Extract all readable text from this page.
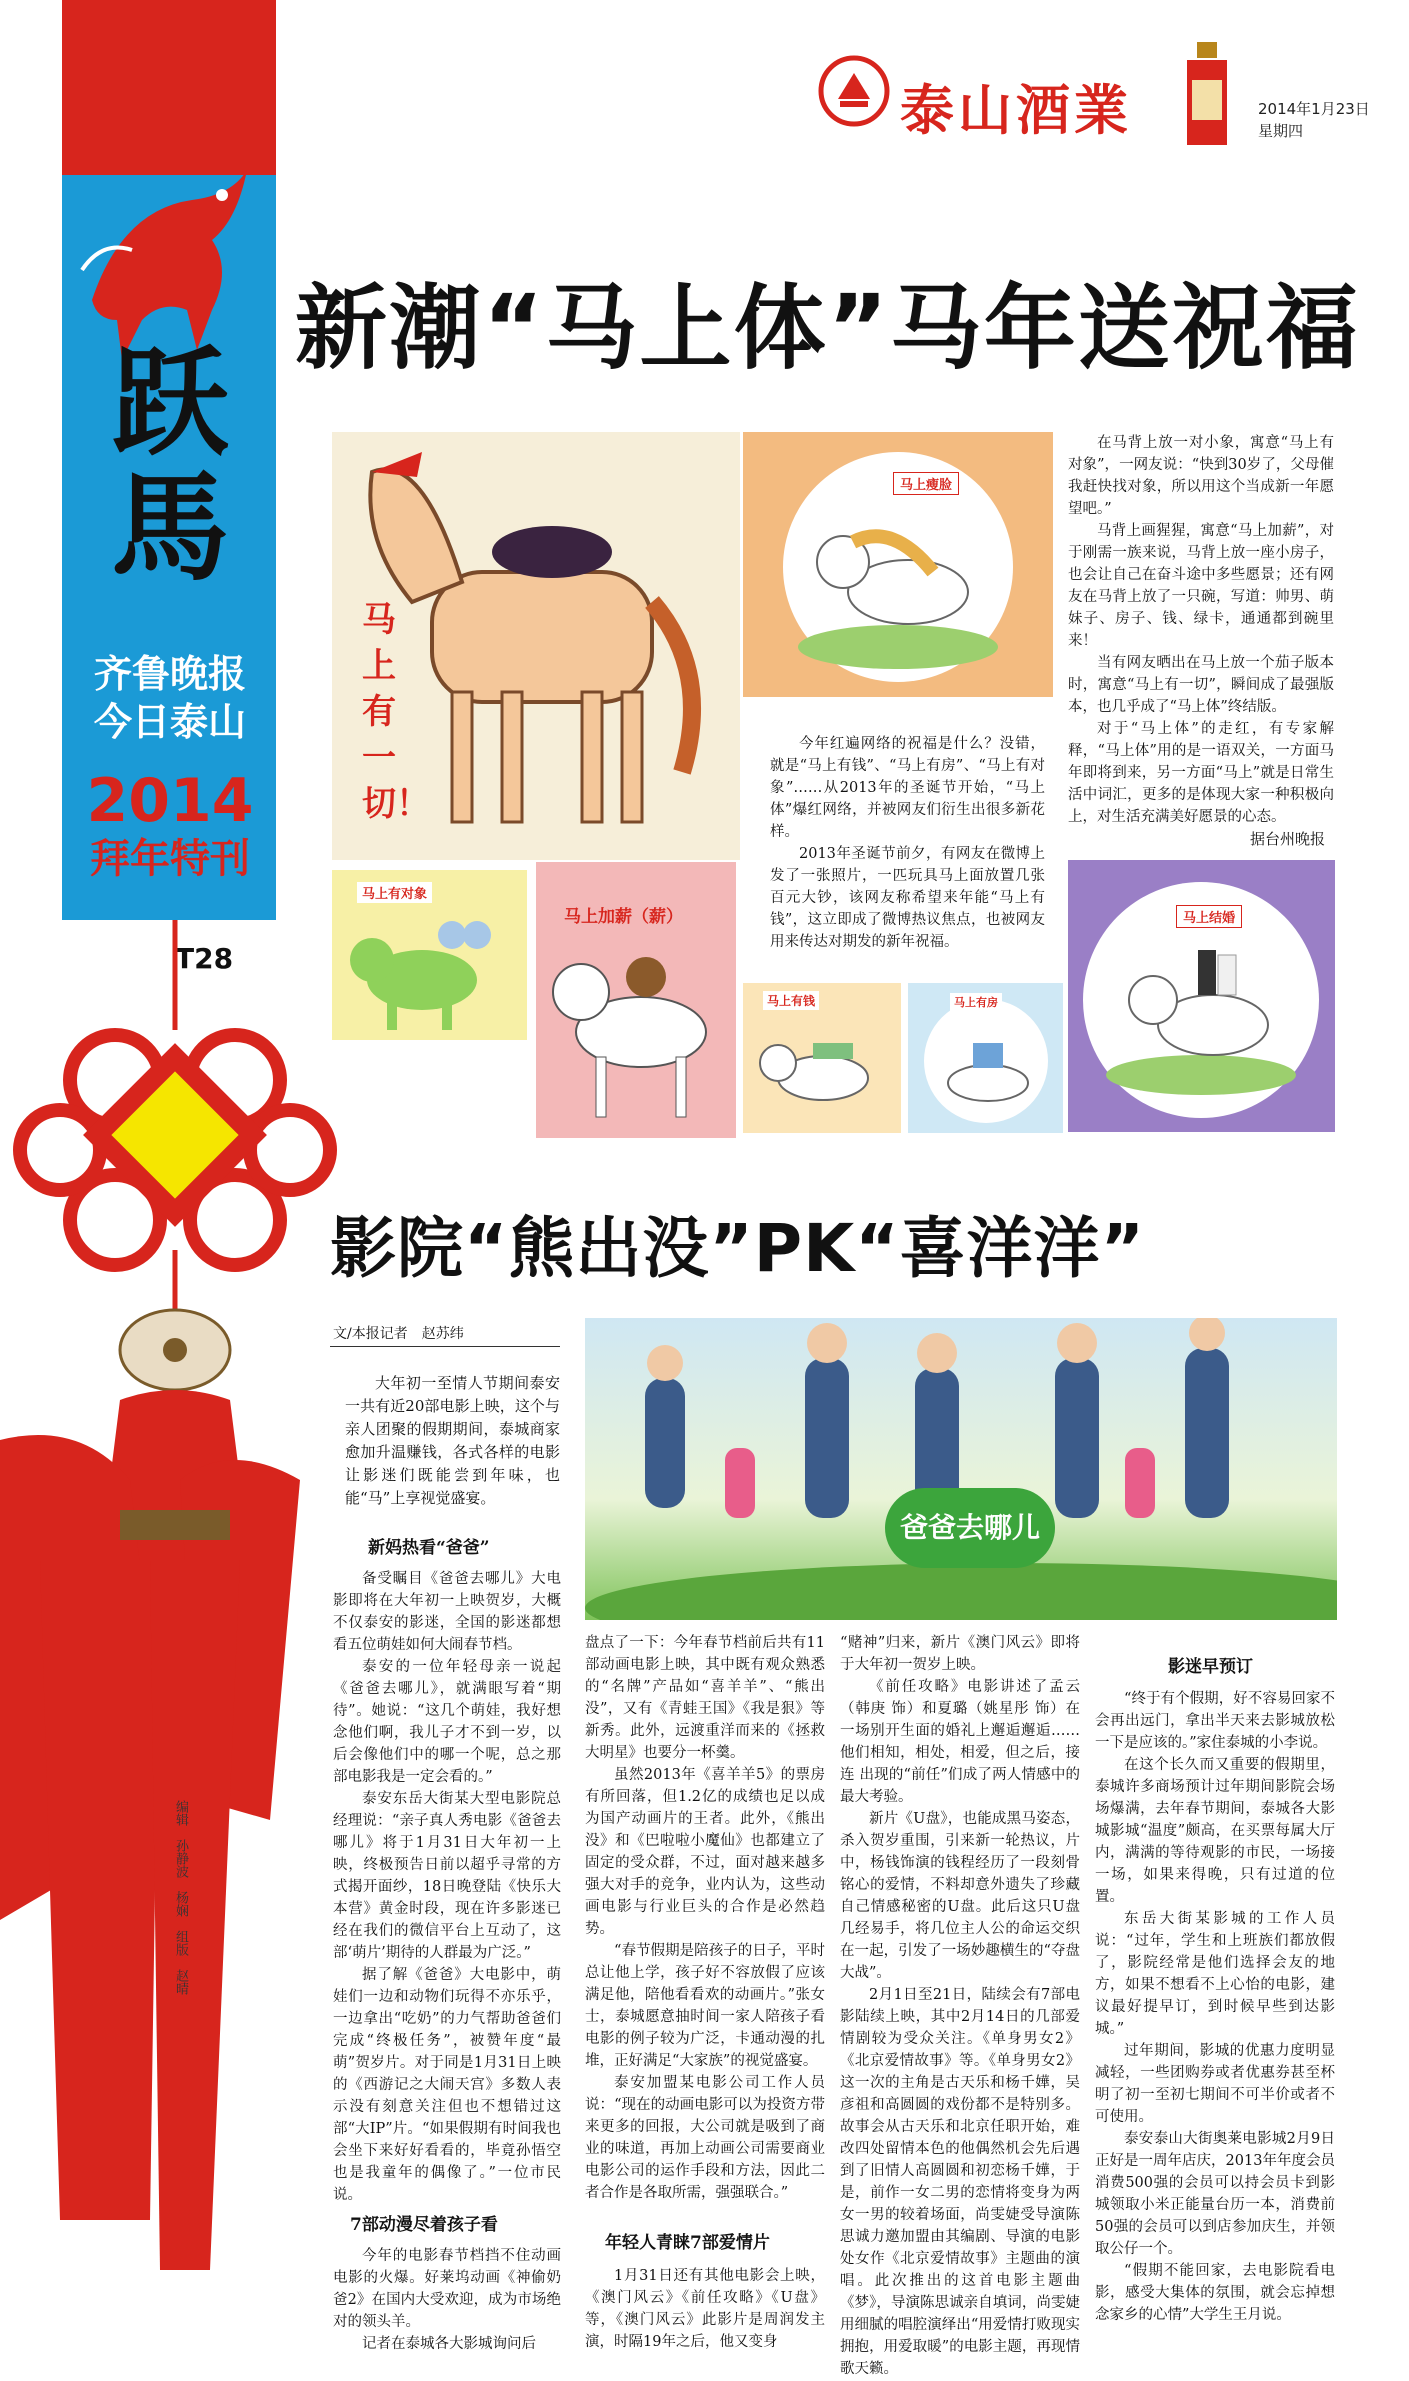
跃馬
齐鲁晚报
今日泰山
2014
拜年特刊
T28
编辑　孙静波　杨娴　组版　赵晴
泰山酒業	2014年1月23日
星期四
新潮“马上体”马年送祝福
马上有一切！
马上瘦脸

今年红遍网络的祝福是什么？没错，就是“马上有钱”、“马上有房”、“马上有对象”……从2013年的圣诞节开始，“马上体”爆红网络，并被网友们衍生出很多新花样。

2013年圣诞节前夕，有网友在微博上发了一张照片，一匹玩具马上面放置几张百元大钞，该网友称希望来年能“马上有钱”，这立即成了微博热议焦点，也被网友用来传达对期发的新年祝福。

在马背上放一对小象，寓意“马上有对象”，一网友说：“快到30岁了，父母催我赶快找对象，所以用这个当成新一年愿望吧。”

马背上画猩猩，寓意“马上加薪”，对于刚需一族来说，马背上放一座小房子，也会让自己在奋斗途中多些愿景；还有网友在马背上放了一只碗，写道：帅男、萌妹子、房子、钱、绿卡，通通都到碗里来！

当有网友晒出在马上放一个茄子版本时，寓意“马上有一切”，瞬间成了最强版本，也几乎成了“马上体”终结版。

对于“马上体”的走红，有专家解释，“马上体”用的是一语双关，一方面马年即将到来，另一方面“马上”就是日常生活中词汇，更多的是体现大家一种积极向上，对生活充满美好愿景的心态。

据台州晚报
马上有对象
马上加薪（薪）
马上有钱	马上有房
马上结婚
影院“熊出没”PK“喜洋洋”
文/本报记者　赵苏纬
爸爸去哪儿

大年初一至情人节期间泰安一共有近20部电影上映，这个与亲人团聚的假期期间，泰城商家愈加升温赚钱，各式各样的电影让影迷们既能尝到年味，也能“马”上享视觉盛宴。

新妈热看“爸爸”

备受瞩目《爸爸去哪儿》大电影即将在大年初一上映贺岁，大概不仅泰安的影迷，全国的影迷都想看五位萌娃如何大闹春节档。

泰安的一位年轻母亲一说起《爸爸去哪儿》，就满眼写着“期待”。她说：“这几个萌娃，我好想念他们啊，我儿子才不到一岁，以后会像他们中的哪一个呢，总之那部电影我是一定会看的。”

泰安东岳大街某大型电影院总经理说：“亲子真人秀电影《爸爸去哪儿》将于1月31日大年初一上映，终极预告日前以超乎寻常的方式揭开面纱，18日晚登陆《快乐大本营》黄金时段，现在许多影迷已经在我们的微信平台上互动了，这部‘萌片’期待的人群最为广泛。”

据了解《爸爸》大电影中，萌娃们一边和动物们玩得不亦乐乎，一边拿出“吃奶”的力气帮助爸爸们完成“终极任务”，被赞年度“最萌”贺岁片。对于同是1月31日上映的《西游记之大闹天宫》多数人表示没有刻意关注但也不想错过这部“大IP”片。“如果假期有时间我也会坐下来好好看看的，毕竟孙悟空也是我童年的偶像了。”一位市民说。

7部动漫尽着孩子看

今年的电影春节档挡不住动画电影的火爆。好莱坞动画《神偷奶爸2》在国内大受欢迎，成为市场绝对的领头羊。

记者在泰城各大影城询问后

盘点了一下：今年春节档前后共有11部动画电影上映，其中既有观众熟悉的“名牌”产品如“喜羊羊”、“熊出没”，又有《青蛙王国》《我是狠》等新秀。此外，远渡重洋而来的《拯救大明星》也要分一杯羹。

虽然2013年《喜羊羊5》的票房有所回落，但1.2亿的成绩也足以成为国产动画片的王者。此外，《熊出没》和《巴啦啦小魔仙》也都建立了固定的受众群，不过，面对越来越多强大对手的竞争，业内认为，这些动画电影与行业巨头的合作是必然趋势。

“春节假期是陪孩子的日子，平时总让他上学，孩子好不容放假了应该满足他，陪他看看欢的动画片。”张女士，泰城愿意抽时间一家人陪孩子看电影的例子较为广泛，卡通动漫的扎堆，正好满足“大家族”的视觉盛宴。

泰安加盟某电影公司工作人员说：“现在的动画电影可以为投资方带来更多的回报，大公司就是吸到了商业的味道，再加上动画公司需要商业电影公司的运作手段和方法，因此二者合作是各取所需，强强联合。”

年轻人青睐7部爱情片

1月31日还有其他电影会上映，《澳门风云》《前任攻略》《U盘》等，《澳门风云》此影片是周润发主演，时隔19年之后，他又变身

“赌神”归来，新片《澳门风云》即将于大年初一贺岁上映。

《前任攻略》电影讲述了孟云（韩庚 饰）和夏璐（姚星彤 饰）在一场别开生面的婚礼上邂逅邂逅……他们相知，相处，相爱，但之后，接连 出现的“前任”们成了两人情感中的最大考验。

新片《U盘》，也能成黑马姿态，杀入贺岁重围，引来新一轮热议，片中，杨钱饰演的钱程经历了一段刻骨铭心的爱情，不料却意外遗失了珍藏自己情感秘密的U盘。此后这只U盘几经易手，将几位主人公的命运交织在一起，引发了一场妙趣横生的“夺盘大战”。

2月1日至21日，陆续会有7部电影陆续上映，其中2月14日的几部爱情剧较为受众关注。《单身男女2》《北京爱情故事》等。《单身男女2》这一次的主角是古天乐和杨千嬅，吴彦祖和高圆圆的戏份都不是特别多。故事会从古天乐和北京任职开始，难改四处留情本色的他偶然机会先后遇到了旧情人高圆圆和初恋杨千嬅，于是，前作一女二男的恋情将变身为两女一男的较着场面，尚雯婕受导演陈思诚力邀加盟由其编剧、导演的电影处女作《北京爱情故事》主题曲的演唱。此次推出的这首电影主题曲《梦》，导演陈思诚亲自填词，尚雯婕用细腻的唱腔演绎出“用爱情打败现实拥抱，用爱取暖”的电影主题，再现情歌天籁。

影迷早预订

“终于有个假期，好不容易回家不会再出远门，拿出半天来去影城放松一下是应该的。”家住泰城的小李说。

在这个长久而又重要的假期里，泰城许多商场预计过年期间影院会场场爆满，去年春节期间，泰城各大影城影城“温度”颇高，在买票每属大厅内，满满的等待观影的市民，一场接一场，如果来得晚，只有过道的位置。

东岳大街某影城的工作人员说：“过年，学生和上班族们都放假了，影院经常是他们选择会友的地方，如果不想看不上心怡的电影，建议最好提早订，到时候早些到达影城。”

过年期间，影城的优惠力度明显减轻，一些团购券或者优惠券甚至杯明了初一至初七期间不可半价或者不可使用。

泰安泰山大街奥莱电影城2月9日正好是一周年店庆，2013年年度会员消费500强的会员可以持会员卡到影城领取小米正能量台历一本，消费前50强的会员可以到店参加庆生，并领取公仔一个。

“假期不能回家，去电影院看电影，感受大集体的氛围，就会忘掉想念家乡的心情”大学生王月说。
